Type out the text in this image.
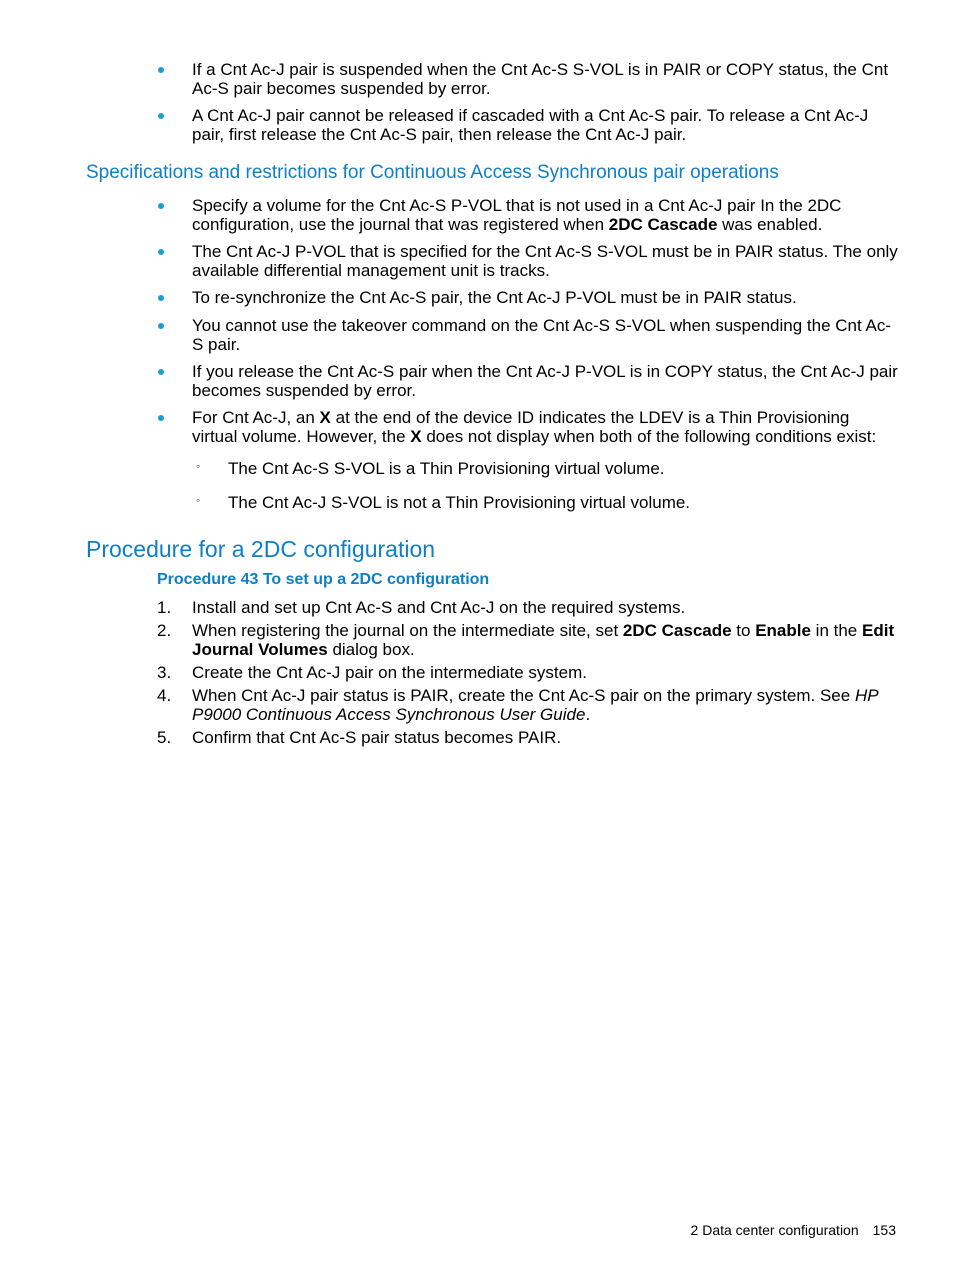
If a Cnt Ac-J pair is suspended when the Cnt Ac-S S-VOL is in PAIR or COPY status, the Cnt Ac-S pair becomes suspended by error.
A Cnt Ac-J pair cannot be released if cascaded with a Cnt Ac-S pair. To release a Cnt Ac-J pair, first release the Cnt Ac-S pair, then release the Cnt Ac-J pair.
Specifications and restrictions for Continuous Access Synchronous pair operations
Specify a volume for the Cnt Ac-S P-VOL that is not used in a Cnt Ac-J pair In the 2DC configuration, use the journal that was registered when 2DC Cascade was enabled.
The Cnt Ac-J P-VOL that is specified for the Cnt Ac-S S-VOL must be in PAIR status. The only available differential management unit is tracks.
To re-synchronize the Cnt Ac-S pair, the Cnt Ac-J P-VOL must be in PAIR status.
You cannot use the takeover command on the Cnt Ac-S S-VOL when suspending the Cnt Ac-S pair.
If you release the Cnt Ac-S pair when the Cnt Ac-J P-VOL is in COPY status, the Cnt Ac-J pair becomes suspended by error.
For Cnt Ac-J, an X at the end of the device ID indicates the LDEV is a Thin Provisioning virtual volume. However, the X does not display when both of the following conditions exist:
◦ The Cnt Ac-S S-VOL is a Thin Provisioning virtual volume.
◦ The Cnt Ac-J S-VOL is not a Thin Provisioning virtual volume.
Procedure for a 2DC configuration
Procedure 43 To set up a 2DC configuration
1. Install and set up Cnt Ac-S and Cnt Ac-J on the required systems.
2. When registering the journal on the intermediate site, set 2DC Cascade to Enable in the Edit Journal Volumes dialog box.
3. Create the Cnt Ac-J pair on the intermediate system.
4. When Cnt Ac-J pair status is PAIR, create the Cnt Ac-S pair on the primary system. See HP P9000 Continuous Access Synchronous User Guide.
5. Confirm that Cnt Ac-S pair status becomes PAIR.
2 Data center configuration 153
